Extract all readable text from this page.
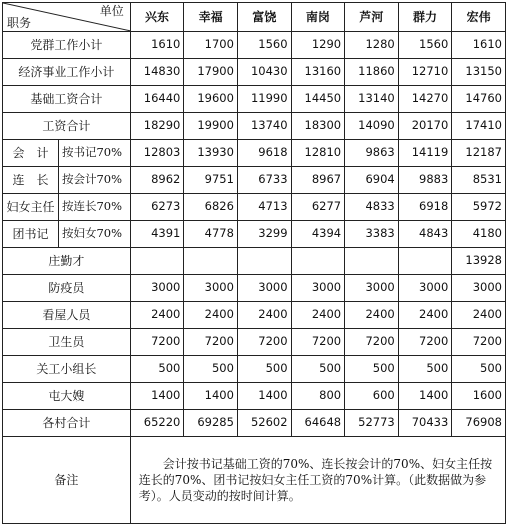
单位
职务		兴东	幸福	富饶	南岗	芦河	群力	宏伟
党群工作小计		1610	1700	1560	1290	1280	1560	1610
经济事业工作小计		14830	17900	10430	13160	11860	12710	13150
基础工资合计		16440	19600	11990	14450	13140	14270	14760
工资合计		18290	19900	13740	18300	14090	20170	17410
会　计	按书记70%	12803	13930	9618	12810	9863	14119	12187
连　长	按会计70%	8962	9751	6733	8967	6904	9883	8531
妇女主任	按连长70%	6273	6826	4713	6277	4833	6918	5972
团书记	按妇女70%	4391	4778	3299	4394	3383	4843	4180
庄勤才								13928
防疫员		3000	3000	3000	3000	3000	3000	3000
看屋人员		2400	2400	2400	2400	2400	2400	2400
卫生员		7200	7200	7200	7200	7200	7200	7200
关工小组长		500	500	500	500	500	500	500
屯大嫂		1400	1400	1400	800	600	1400	1600
各村合计		65220	69285	52602	64648	52773	70433	76908
备注		会计按书记基础工资的70%、连长按会计的70%、妇女主任按连长的70%、团书记按妇女主任工资的70%计算。（此数据做为参考）。人员变动的按时间计算。						
